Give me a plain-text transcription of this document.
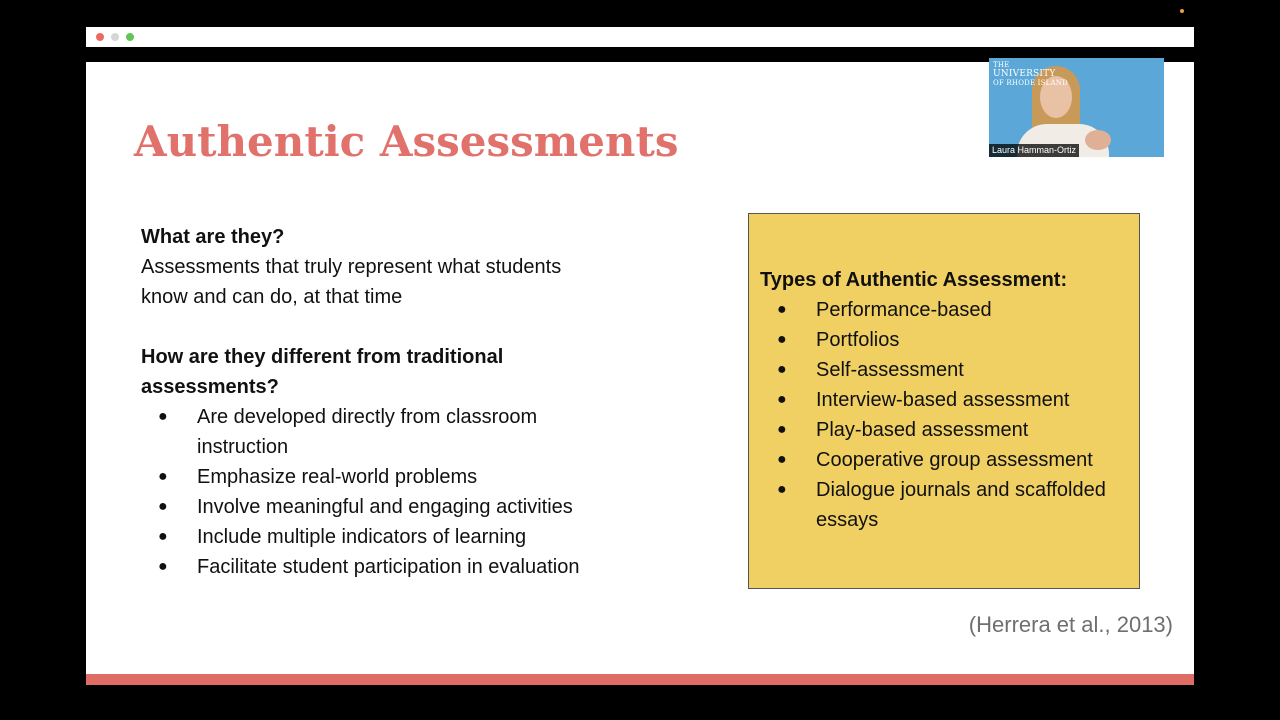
Authentic Assessments

What are they?

Assessments that truly represent what students
know and can do, at that time

How are they different from traditional
assessments?

● Are developed directly from classroom
instruction
● Emphasize real-world problems
● Involve meaningful and engaging activities
● Include multiple indicators of learning
● Facilitate student participation in evaluation

Types of Authentic Assessment:

● Performance-based
● Portfolios
● Self-assessment
● Interview-based assessment
● Play-based assessment
● Cooperative group assessment
● Dialogue journals and scaffolded
essays
(Herrera et al., 2013)
THE
UNIVERSITY
OF RHODE ISLAND
Laura Hamman-Ortiz
